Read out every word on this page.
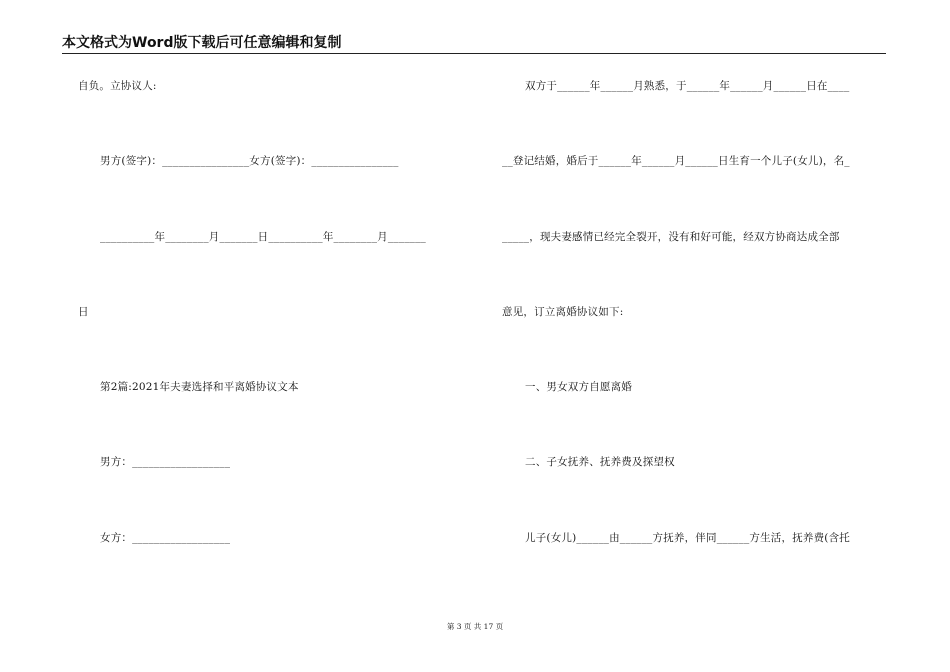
本文格式为Word版下载后可任意编辑和复制
自负。立协议人:
男方(签字)：________________女方(签字)：________________
__________年________月_______日__________年________月_______
日
第2篇:2021年夫妻选择和平离婚协议文本
男方：__________________
女方：__________________
双方于______年______月熟悉，于______年______月______日在____
__登记结婚，婚后于______年______月______日生育一个儿子(女儿)，名_
_____，现夫妻感情已经完全裂开，没有和好可能，经双方协商达成全部
意见，订立离婚协议如下:
一、男女双方自愿离婚
二、子女抚养、抚养费及探望权
儿子(女儿)______由______方抚养，伴同______方生活，抚养费(含托
第 3 页 共 17 页
